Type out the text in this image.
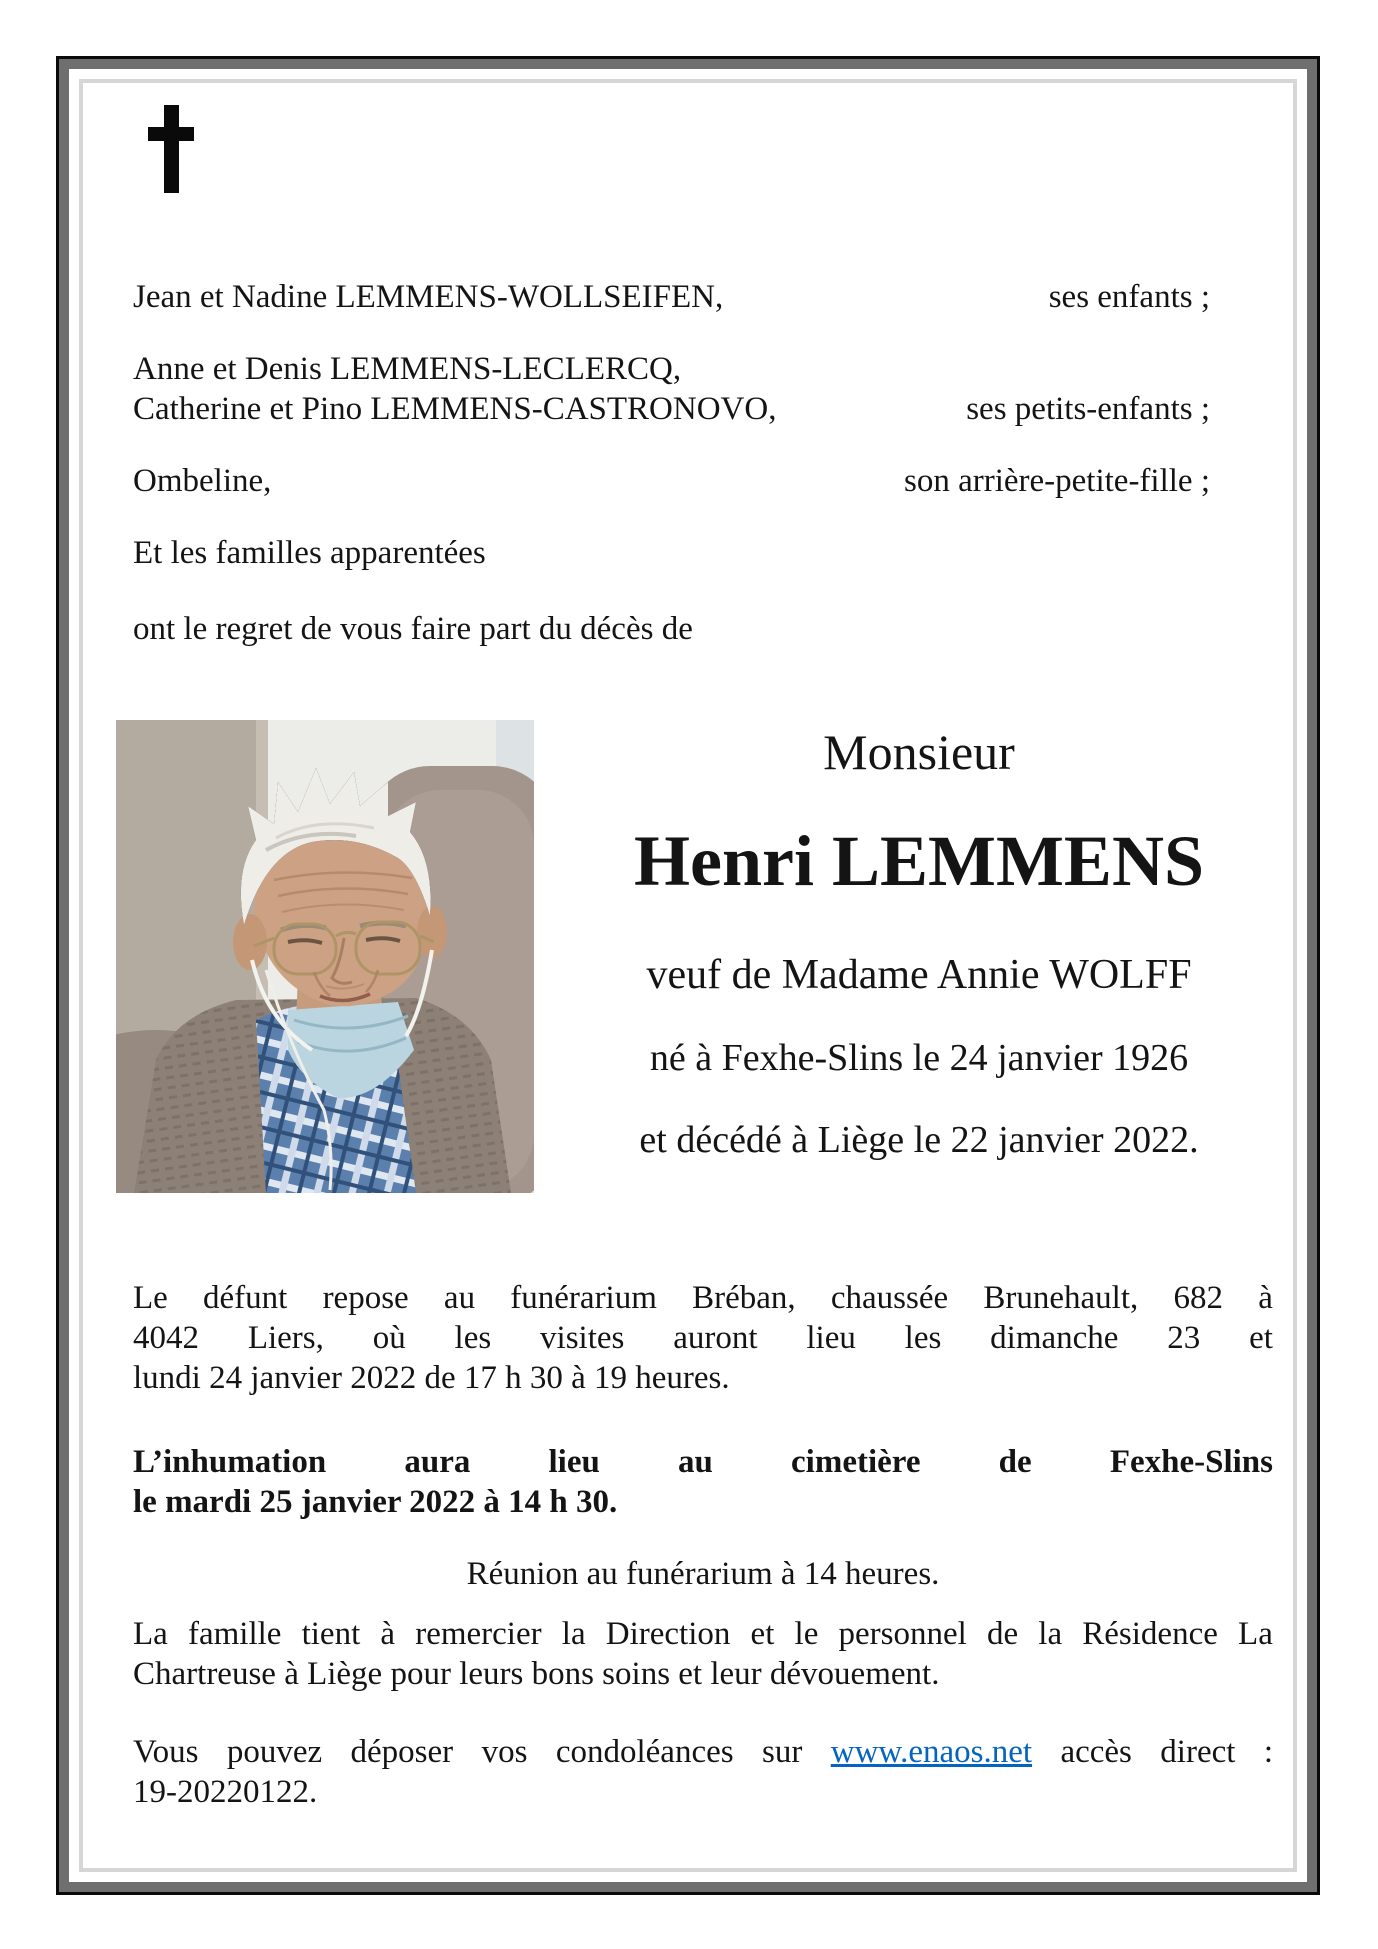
Jean et Nadine LEMMENS-WOLLSEIFEN,	ses enfants ;
Anne et Denis LEMMENS-LECLERCQ,
Catherine et Pino LEMMENS-CASTRONOVO,	ses petits-enfants ;
Ombeline,	son arrière-petite-fille ;
Et les familles apparentées
ont le regret de vous faire part du décès de
Monsieur
Henri LEMMENS
veuf de Madame Annie WOLFF
né à Fexhe-Slins le 24 janvier 1926
et décédé à Liège le 22 janvier 2022.
Le défunt repose au funérarium Bréban, chaussée Brunehault, 682 à
4042 Liers, où les visites auront lieu les dimanche 23 et
lundi 24 janvier 2022 de 17 h 30 à 19 heures.
L’inhumation aura lieu au cimetière de Fexhe-Slins
le mardi 25 janvier 2022 à 14 h 30.
Réunion au funérarium à 14 heures.
La famille tient à remercier la Direction et le personnel de la Résidence La
Chartreuse à Liège pour leurs bons soins et leur dévouement.
Vous pouvez déposer vos condoléances sur www.enaos.net accès direct :
19-20220122.
